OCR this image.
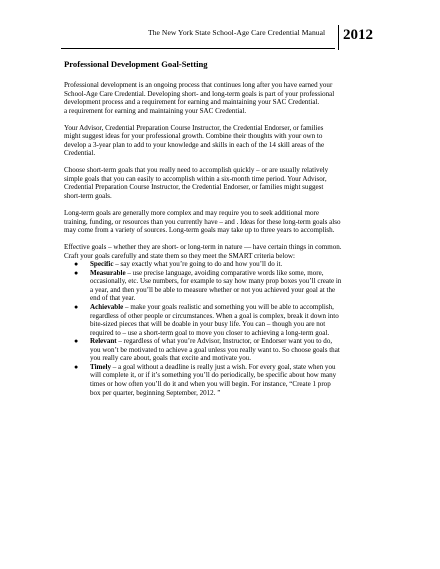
The New York State School-Age Care Credential Manual 2012
Professional Development Goal-Setting
Professional development is an ongoing process that continues long after you have earned your
School-Age Care Credential. Developing short- and long-term goals is part of your professional
development process and a requirement for earning and maintaining your SAC Credential.
a requirement for earning and maintaining your SAC Credential.
Your Advisor, Credential Preparation Course Instructor, the Credential Endorser, or families
might suggest ideas for your professional growth. Combine their thoughts with your own to
develop a 3-year plan to add to your knowledge and skills in each of the 14 skill areas of the
Credential.
Choose short-term goals that you really need to accomplish quickly – or are usually relatively
simple goals that you can easily to accomplish within a six-month time period. Your Advisor,
Credential Preparation Course Instructor, the Credential Endorser, or families might suggest
short-term goals.
Long-term goals are generally more complex and may require you to seek additional more
training, funding, or resources than you currently have – and . Ideas for these long-term goals also
may come from a variety of sources. Long-term goals may take up to three years to accomplish.
Effective goals – whether they are short- or long-term in nature — have certain things in common.
Craft your goals carefully and state them so they meet the SMART criteria below:
● Specific – say exactly what you’re going to do and how you’ll do it.
● Measurable – use precise language, avoiding comparative words like some, more,
occasionally, etc. Use numbers, for example to say how many prop boxes you’ll create in
a year, and then you’ll be able to measure whether or not you achieved your goal at the
end of that year.
● Achievable – make your goals realistic and something you will be able to accomplish,
regardless of other people or circumstances. When a goal is complex, break it down into
bite-sized pieces that will be doable in your busy life. You can – though you are not
required to – use a short-term goal to move you closer to achieving a long-term goal.
● Relevant – regardless of what you’re Advisor, Instructor, or Endorser want you to do,
you won’t be motivated to achieve a goal unless you really want to. So choose goals that
you really care about, goals that excite and motivate you.
● Timely – a goal without a deadline is really just a wish. For every goal, state when you
will complete it, or if it’s something you’ll do periodically, be specific about how many
times or how often you’ll do it and when you will begin. For instance, “Create 1 prop
box per quarter, beginning September, 2012. ”
